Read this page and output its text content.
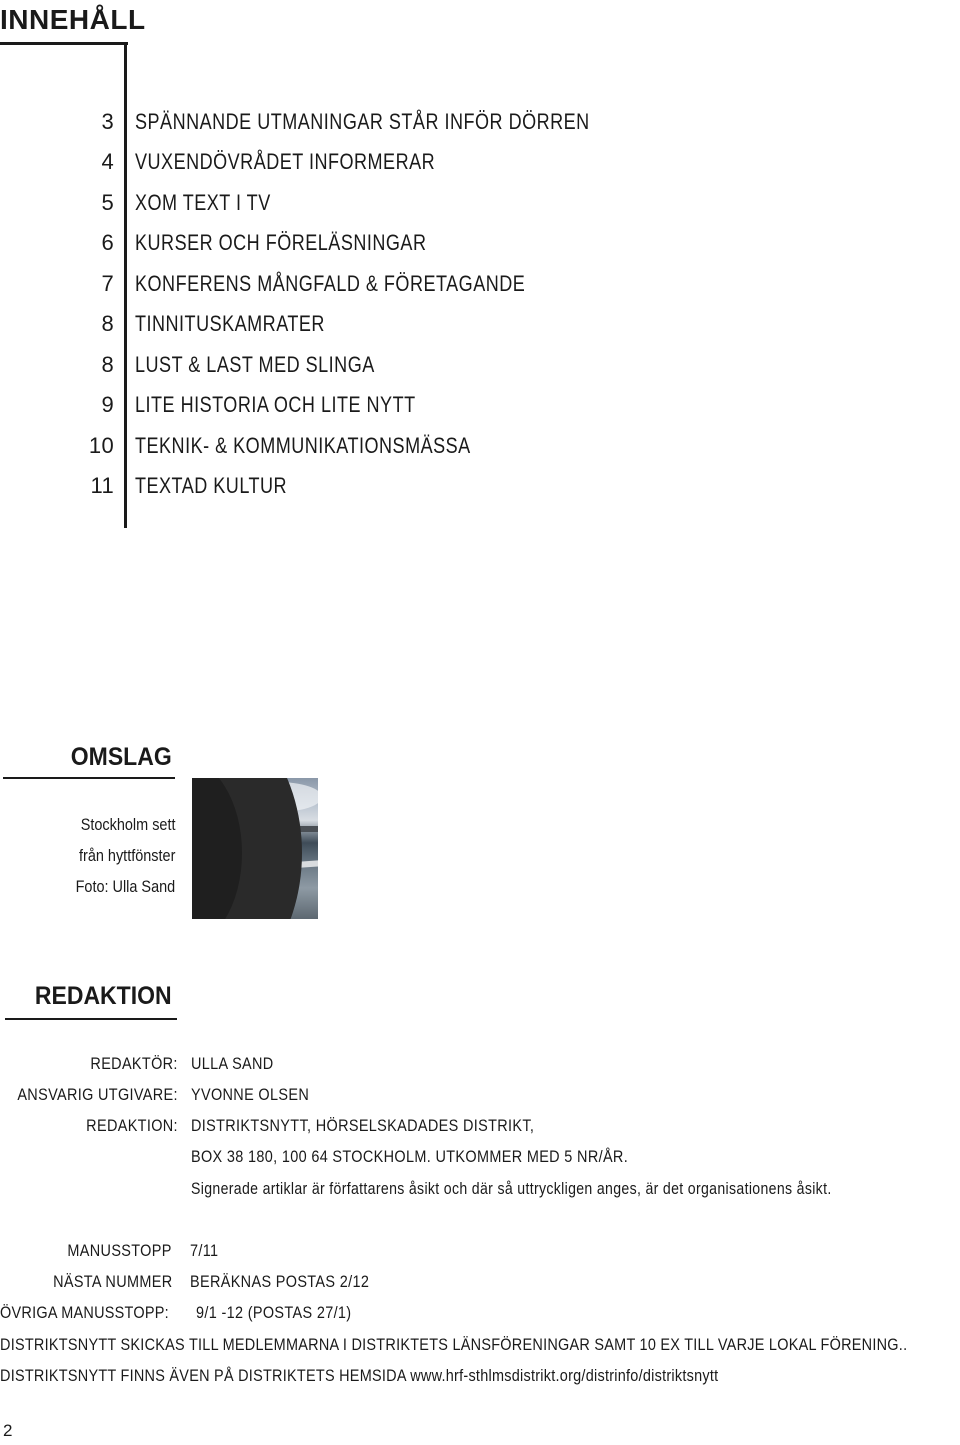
INNEHÅLL
3 SPÄNNANDE UTMANINGAR STÅR INFÖR DÖRREN
4 VUXENDÖVRÅDET INFORMERAR
5 XOM TEXT I TV
6 KURSER OCH FÖRELÄSNINGAR
7 KONFERENS MÅNGFALD & FÖRETAGANDE
8 TINNITUSKAMRATER
8 LUST & LAST MED SLINGA
9 LITE HISTORIA OCH LITE NYTT
10 TEKNIK- & KOMMUNIKATIONSMÄSSA
11 TEXTAD KULTUR
OMSLAG
Stockholm sett
från hyttfönster
Foto: Ulla Sand
REDAKTION
REDAKTÖR: ULLA SAND
ANSVARIG UTGIVARE: YVONNE OLSEN
REDAKTION: DISTRIKTSNYTT, HÖRSELSKADADES DISTRIKT,
BOX 38 180, 100 64 STOCKHOLM. UTKOMMER MED 5 NR/ÅR.
Signerade artiklar är författarens åsikt och där så uttryckligen anges, är det organisationens åsikt.
MANUSSTOPP 7/11
NÄSTA NUMMER BERÄKNAS POSTAS 2/12
ÖVRIGA MANUSSTOPP: 9/1 -12 (POSTAS 27/1)
DISTRIKTSNYTT SKICKAS TILL MEDLEMMARNA I DISTRIKTETS LÄNSFÖRENINGAR SAMT 10 EX TILL VARJE LOKAL FÖRENING..
DISTRIKTSNYTT FINNS ÄVEN PÅ DISTRIKTETS HEMSIDA www.hrf-sthlmsdistrikt.org/distrinfo/distriktsnytt
2
